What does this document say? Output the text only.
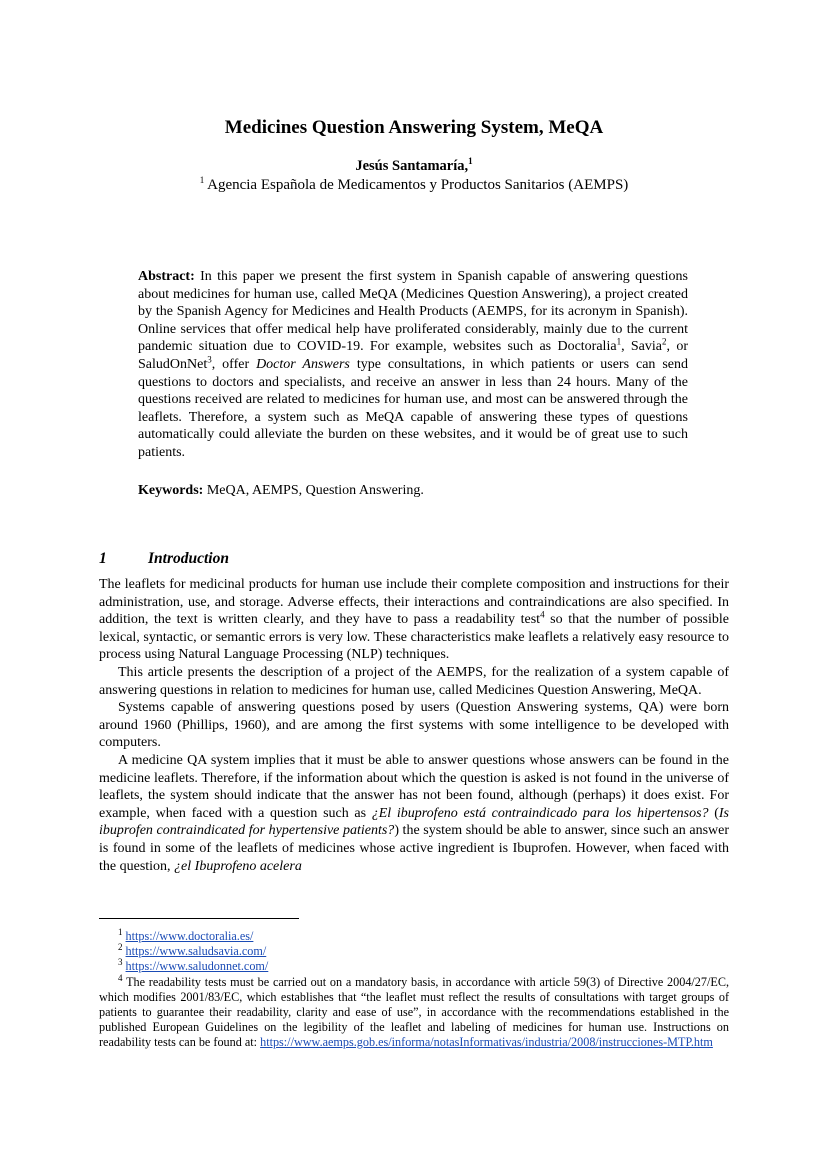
Medicines Question Answering System, MeQA

Jesús Santamaría,$^1$

$^1$ Agencia Española de Medicamentos y Productos Sanitarios (AEMPS)

Abstract: In this paper we present the first system in Spanish capable of answering questions about medicines for human use, called MeQA (Medicines Question Answering), a project created by the Spanish Agency for Medicines and Health Products (AEMPS, for its acronym in Spanish). Online services that offer medical help have proliferated considerably, mainly due to the current pandemic situation due to COVID-19. For example, websites such as Doctoralia$^1$, Savia$^2$, or SaludOnNet$^3$, offer Doctor Answers type consultations, in which patients or users can send questions to doctors and specialists, and receive an answer in less than 24 hours. Many of the questions received are related to medicines for human use, and most can be answered through the leaflets. Therefore, a system such as MeQA capable of answering these types of questions automatically could alleviate the burden on these websites, and it would be of great use to such patients.

Keywords: MeQA, AEMPS, Question Answering.

1	Introduction

The leaflets for medicinal products for human use include their complete composition and instructions for their administration, use, and storage. Adverse effects, their interactions and contraindications are also specified. In addition, the text is written clearly, and they have to pass a readability test$^4$ so that the number of possible lexical, syntactic, or semantic errors is very low. These characteristics make leaflets a relatively easy resource to process using Natural Language Processing (NLP) techniques.

This article presents the description of a project of the AEMPS, for the realization of a system capable of answering questions in relation to medicines for human use, called Medicines Question Answering, MeQA.

Systems capable of answering questions posed by users (Question Answering systems, QA) were born around 1960 (Phillips, 1960), and are among the first systems with some intelligence to be developed with computers.

A medicine QA system implies that it must be able to answer questions whose answers can be found in the medicine leaflets. Therefore, if the information about which the question is asked is not found in the universe of leaflets, the system should indicate that the answer has not been found, although (perhaps) it does exist. For example, when faced with a question such as ¿El ibuprofeno está contraindicado para los hipertensos? (Is ibuprofen contraindicated for hypertensive patients?) the system should be able to answer, since such an answer is found in some of the leaflets of medicines whose active ingredient is Ibuprofen. However, when faced with the question, ¿el Ibuprofeno acelera

$^1$ https://www.doctoralia.es/

$^2$ https://www.saludsavia.com/

$^3$ https://www.saludonnet.com/

$^4$ The readability tests must be carried out on a mandatory basis, in accordance with article 59(3) of Directive 2004/27/EC, which modifies 2001/83/EC, which establishes that “the leaflet must reflect the results of consultations with target groups of patients to guarantee their readability, clarity and ease of use”, in accordance with the recommendations established in the published European Guidelines on the legibility of the leaflet and labeling of medicines for human use. Instructions on readability tests can be found at: https://www.aemps.gob.es/informa/notasInformativas/industria/2008/instrucciones-MTP.htm
